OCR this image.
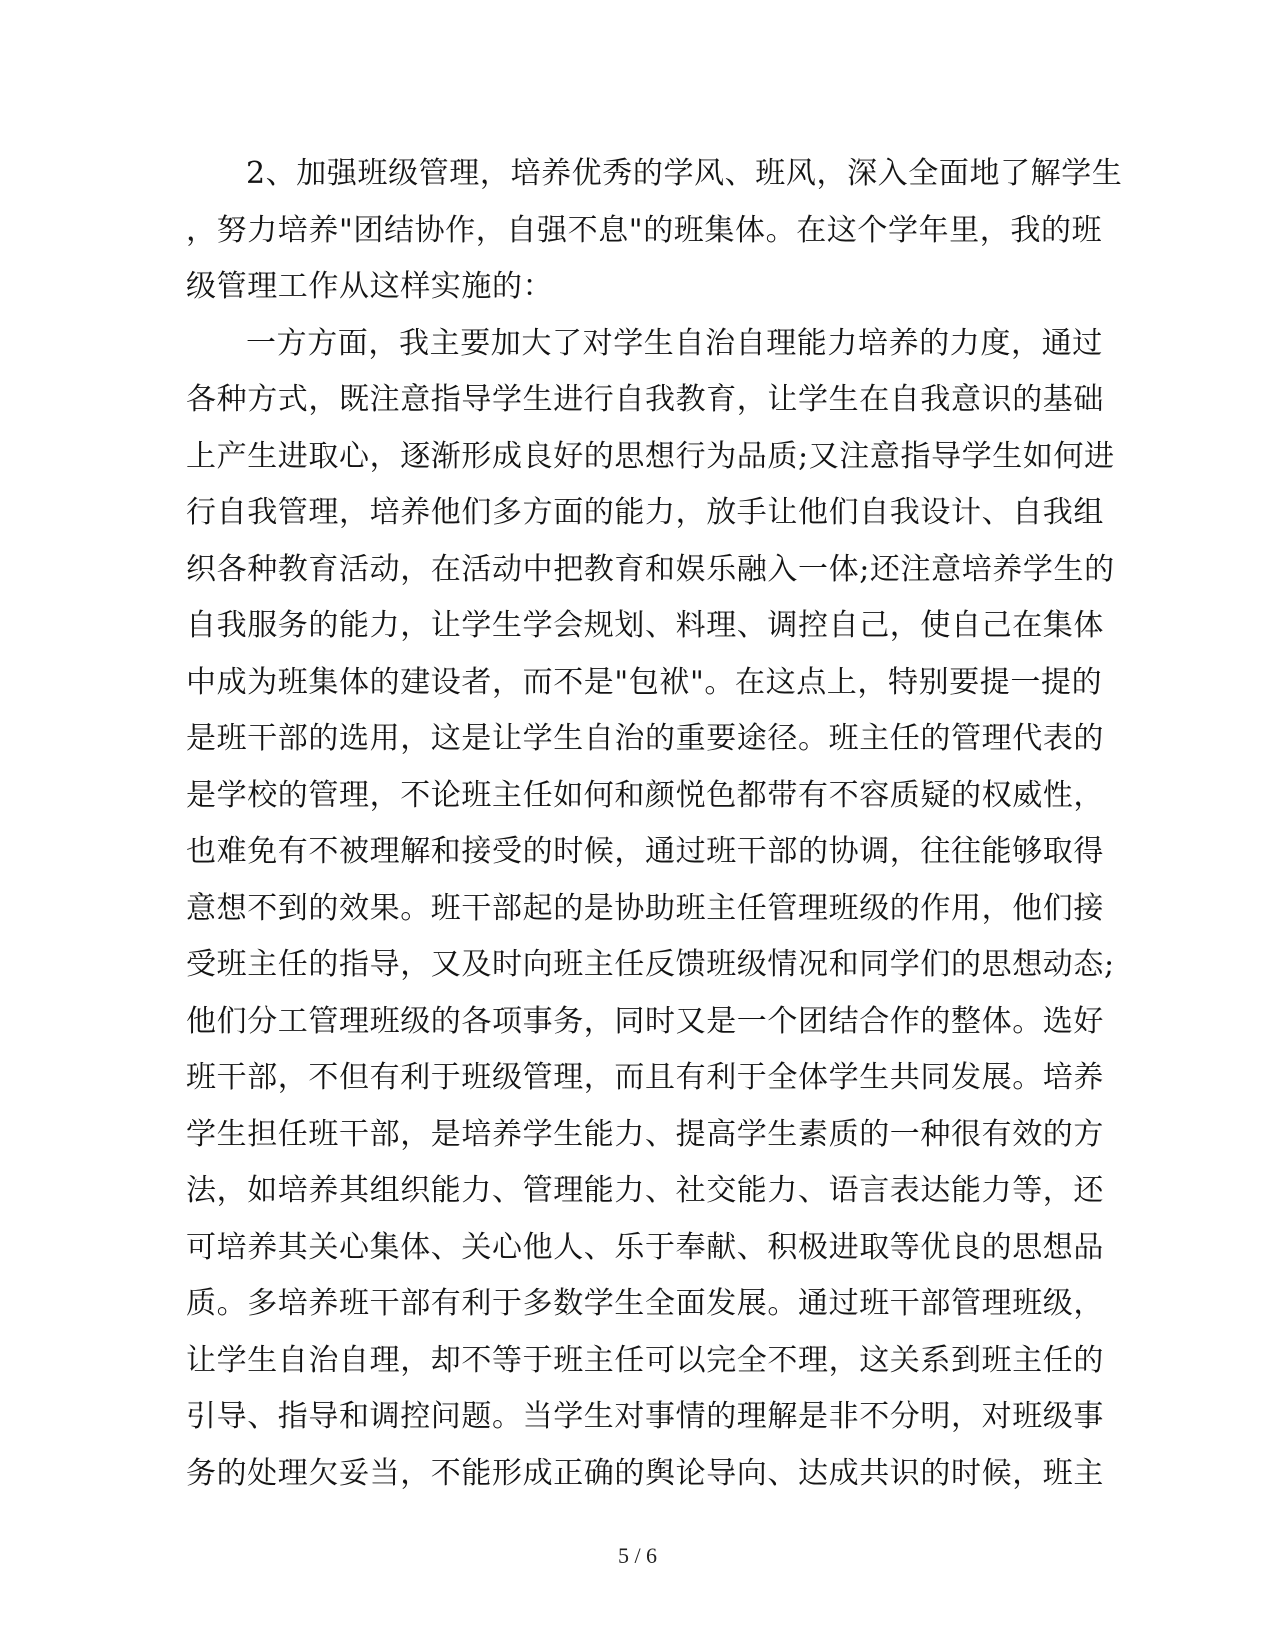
2、加强班级管理，培养优秀的学风、班风，深入全面地了解学生
，努力培养"团结协作，自强不息"的班集体。在这个学年里，我的班
级管理工作从这样实施的：
一方方面，我主要加大了对学生自治自理能力培养的力度，通过
各种方式，既注意指导学生进行自我教育，让学生在自我意识的基础
上产生进取心，逐渐形成良好的思想行为品质;又注意指导学生如何进
行自我管理，培养他们多方面的能力，放手让他们自我设计、自我组
织各种教育活动，在活动中把教育和娱乐融入一体;还注意培养学生的
自我服务的能力，让学生学会规划、料理、调控自己，使自己在集体
中成为班集体的建设者，而不是"包袱"。在这点上，特别要提一提的
是班干部的选用，这是让学生自治的重要途径。班主任的管理代表的
是学校的管理，不论班主任如何和颜悦色都带有不容质疑的权威性，
也难免有不被理解和接受的时候，通过班干部的协调，往往能够取得
意想不到的效果。班干部起的是协助班主任管理班级的作用，他们接
受班主任的指导，又及时向班主任反馈班级情况和同学们的思想动态;
他们分工管理班级的各项事务，同时又是一个团结合作的整体。选好
班干部，不但有利于班级管理，而且有利于全体学生共同发展。培养
学生担任班干部，是培养学生能力、提高学生素质的一种很有效的方
法，如培养其组织能力、管理能力、社交能力、语言表达能力等，还
可培养其关心集体、关心他人、乐于奉献、积极进取等优良的思想品
质。多培养班干部有利于多数学生全面发展。通过班干部管理班级，
让学生自治自理，却不等于班主任可以完全不理，这关系到班主任的
引导、指导和调控问题。当学生对事情的理解是非不分明，对班级事
务的处理欠妥当，不能形成正确的舆论导向、达成共识的时候，班主
5 / 6
